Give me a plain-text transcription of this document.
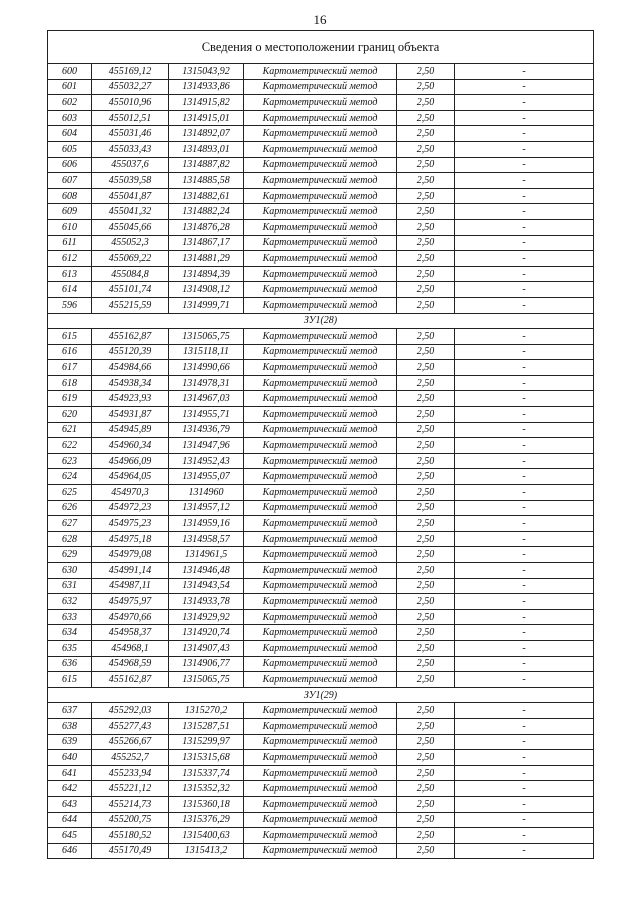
16
Сведения о местоположении границ объекта					
600	455169,12	1315043,92	Картометрический метод	2,50	-
601	455032,27	1314933,86	Картометрический метод	2,50	-
602	455010,96	1314915,82	Картометрический метод	2,50	-
603	455012,51	1314915,01	Картометрический метод	2,50	-
604	455031,46	1314892,07	Картометрический метод	2,50	-
605	455033,43	1314893,01	Картометрический метод	2,50	-
606	455037,6	1314887,82	Картометрический метод	2,50	-
607	455039,58	1314885,58	Картометрический метод	2,50	-
608	455041,87	1314882,61	Картометрический метод	2,50	-
609	455041,32	1314882,24	Картометрический метод	2,50	-
610	455045,66	1314876,28	Картометрический метод	2,50	-
611	455052,3	1314867,17	Картометрический метод	2,50	-
612	455069,22	1314881,29	Картометрический метод	2,50	-
613	455084,8	1314894,39	Картометрический метод	2,50	-
614	455101,74	1314908,12	Картометрический метод	2,50	-
596	455215,59	1314999,71	Картометрический метод	2,50	-
ЗУ1(28)					
615	455162,87	1315065,75	Картометрический метод	2,50	-
616	455120,39	1315118,11	Картометрический метод	2,50	-
617	454984,66	1314990,66	Картометрический метод	2,50	-
618	454938,34	1314978,31	Картометрический метод	2,50	-
619	454923,93	1314967,03	Картометрический метод	2,50	-
620	454931,87	1314955,71	Картометрический метод	2,50	-
621	454945,89	1314936,79	Картометрический метод	2,50	-
622	454960,34	1314947,96	Картометрический метод	2,50	-
623	454966,09	1314952,43	Картометрический метод	2,50	-
624	454964,05	1314955,07	Картометрический метод	2,50	-
625	454970,3	1314960	Картометрический метод	2,50	-
626	454972,23	1314957,12	Картометрический метод	2,50	-
627	454975,23	1314959,16	Картометрический метод	2,50	-
628	454975,18	1314958,57	Картометрический метод	2,50	-
629	454979,08	1314961,5	Картометрический метод	2,50	-
630	454991,14	1314946,48	Картометрический метод	2,50	-
631	454987,11	1314943,54	Картометрический метод	2,50	-
632	454975,97	1314933,78	Картометрический метод	2,50	-
633	454970,66	1314929,92	Картометрический метод	2,50	-
634	454958,37	1314920,74	Картометрический метод	2,50	-
635	454968,1	1314907,43	Картометрический метод	2,50	-
636	454968,59	1314906,77	Картометрический метод	2,50	-
615	455162,87	1315065,75	Картометрический метод	2,50	-
ЗУ1(29)					
637	455292,03	1315270,2	Картометрический метод	2,50	-
638	455277,43	1315287,51	Картометрический метод	2,50	-
639	455266,67	1315299,97	Картометрический метод	2,50	-
640	455252,7	1315315,68	Картометрический метод	2,50	-
641	455233,94	1315337,74	Картометрический метод	2,50	-
642	455221,12	1315352,32	Картометрический метод	2,50	-
643	455214,73	1315360,18	Картометрический метод	2,50	-
644	455200,75	1315376,29	Картометрический метод	2,50	-
645	455180,52	1315400,63	Картометрический метод	2,50	-
646	455170,49	1315413,2	Картометрический метод	2,50	-
